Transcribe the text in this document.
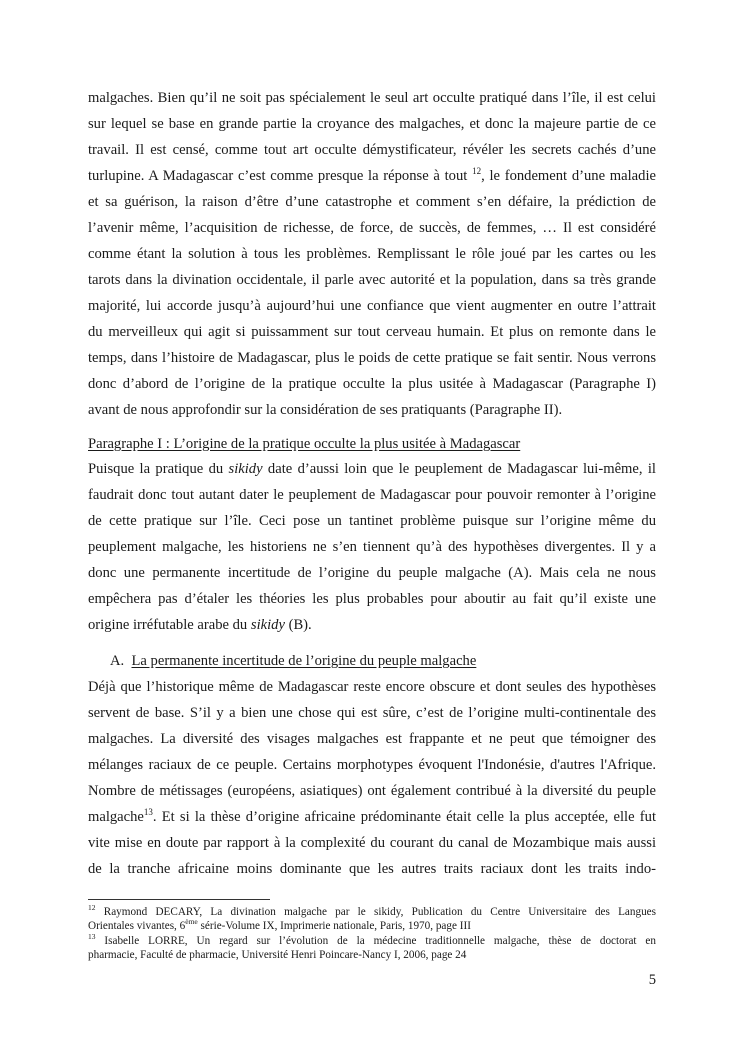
malgaches. Bien qu’il ne soit pas spécialement le seul art occulte pratiqué dans l’île, il est celui
sur lequel se base en grande partie la croyance des malgaches, et donc la majeure partie de ce
travail. Il est censé, comme tout art occulte démystificateur, révéler les secrets cachés d’une
turlupine. A Madagascar c’est comme presque la réponse à tout $^{12}$, le fondement d’une maladie
et sa guérison, la raison d’être d’une catastrophe et comment s’en défaire, la prédiction de
l’avenir même, l’acquisition de richesse, de force, de succès, de femmes, … Il est considéré
comme étant la solution à tous les problèmes. Remplissant le rôle joué par les cartes ou les
tarots dans la divination occidentale, il parle avec autorité et la population, dans sa très grande
majorité, lui accorde jusqu’à aujourd’hui une confiance que vient augmenter en outre l’attrait
du merveilleux qui agit si puissamment sur tout cerveau humain. Et plus on remonte dans le
temps, dans l’histoire de Madagascar, plus le poids de cette pratique se fait sentir. Nous verrons
donc d’abord de l’origine de la pratique occulte la plus usitée à Madagascar (Paragraphe I)
avant de nous approfondir sur la considération de ses pratiquants (Paragraphe II).
Paragraphe I : L’origine de la pratique occulte la plus usitée à Madagascar
Puisque la pratique du sikidy date d’aussi loin que le peuplement de Madagascar lui-même, il
faudrait donc tout autant dater le peuplement de Madagascar pour pouvoir remonter à l’origine
de cette pratique sur l’île. Ceci pose un tantinet problème puisque sur l’origine même du
peuplement malgache, les historiens ne s’en tiennent qu’à des hypothèses divergentes. Il y a
donc une permanente incertitude de l’origine du peuple malgache (A). Mais cela ne nous
empêchera pas d’étaler les théories les plus probables pour aboutir au fait qu’il existe une
origine irréfutable arabe du sikidy (B).
A. La permanente incertitude de l’origine du peuple malgache
Déjà que l’historique même de Madagascar reste encore obscure et dont seules des hypothèses
servent de base. S’il y a bien une chose qui est sûre, c’est de l’origine multi-continentale des
malgaches. La diversité des visages malgaches est frappante et ne peut que témoigner des
mélanges raciaux de ce peuple. Certains morphotypes évoquent l'Indonésie, d'autres l'Afrique.
Nombre de métissages (européens, asiatiques) ont également contribué à la diversité du peuple
malgache$^{13}$. Et si la thèse d’origine africaine prédominante était celle la plus acceptée, elle fut
vite mise en doute par rapport à la complexité du courant du canal de Mozambique mais aussi
de la tranche africaine moins dominante que les autres traits raciaux dont les traits indo-
$^{12}$ Raymond DECARY, La divination malgache par le sikidy, Publication du Centre Universitaire des Langues
Orientales vivantes, 6ème série-Volume IX, Imprimerie nationale, Paris, 1970, page III
$^{13}$ Isabelle LORRE, Un regard sur l’évolution de la médecine traditionnelle malgache, thèse de doctorat en
pharmacie, Faculté de pharmacie, Université Henri Poincare-Nancy I, 2006, page 24
5
